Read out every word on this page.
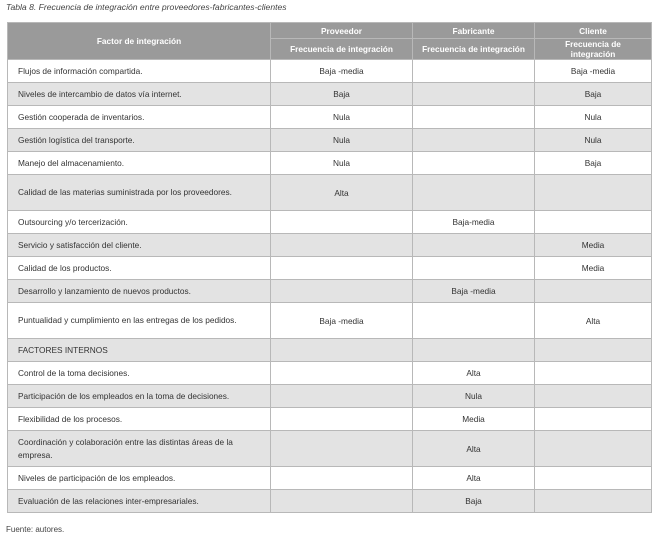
Tabla 8. Frecuencia de integración entre proveedores-fabricantes-clientes
Factor de integración	Proveedor	Fabricante	Cliente
	Frecuencia de integración	Frecuencia de integración	Frecuencia de integración
Flujos de información compartida.	Baja -media		Baja -media
Niveles de intercambio de datos vía internet.	Baja		Baja
Gestión cooperada de inventarios.	Nula		Nula
Gestión logística del transporte.	Nula		Nula
Manejo del almacenamiento.	Nula		Baja
Calidad de las materias suministrada por los proveedores.	Alta		
Outsourcing y/o tercerización.		Baja-media	
Servicio y satisfacción del cliente.			Media
Calidad de los productos.			Media
Desarrollo y lanzamiento de nuevos productos.		Baja -media	
Puntualidad y cumplimiento en las entregas de los pedidos.	Baja -media		Alta
FACTORES INTERNOS			
Control de la toma decisiones.		Alta	
Participación de los empleados en la toma de decisiones.		Nula	
Flexibilidad de los procesos.		Media	
Coordinación y colaboración entre las distintas áreas de la empresa.		Alta	
Niveles de participación de los empleados.		Alta	
Evaluación de las relaciones inter-empresariales.		Baja	
Fuente: autores.
